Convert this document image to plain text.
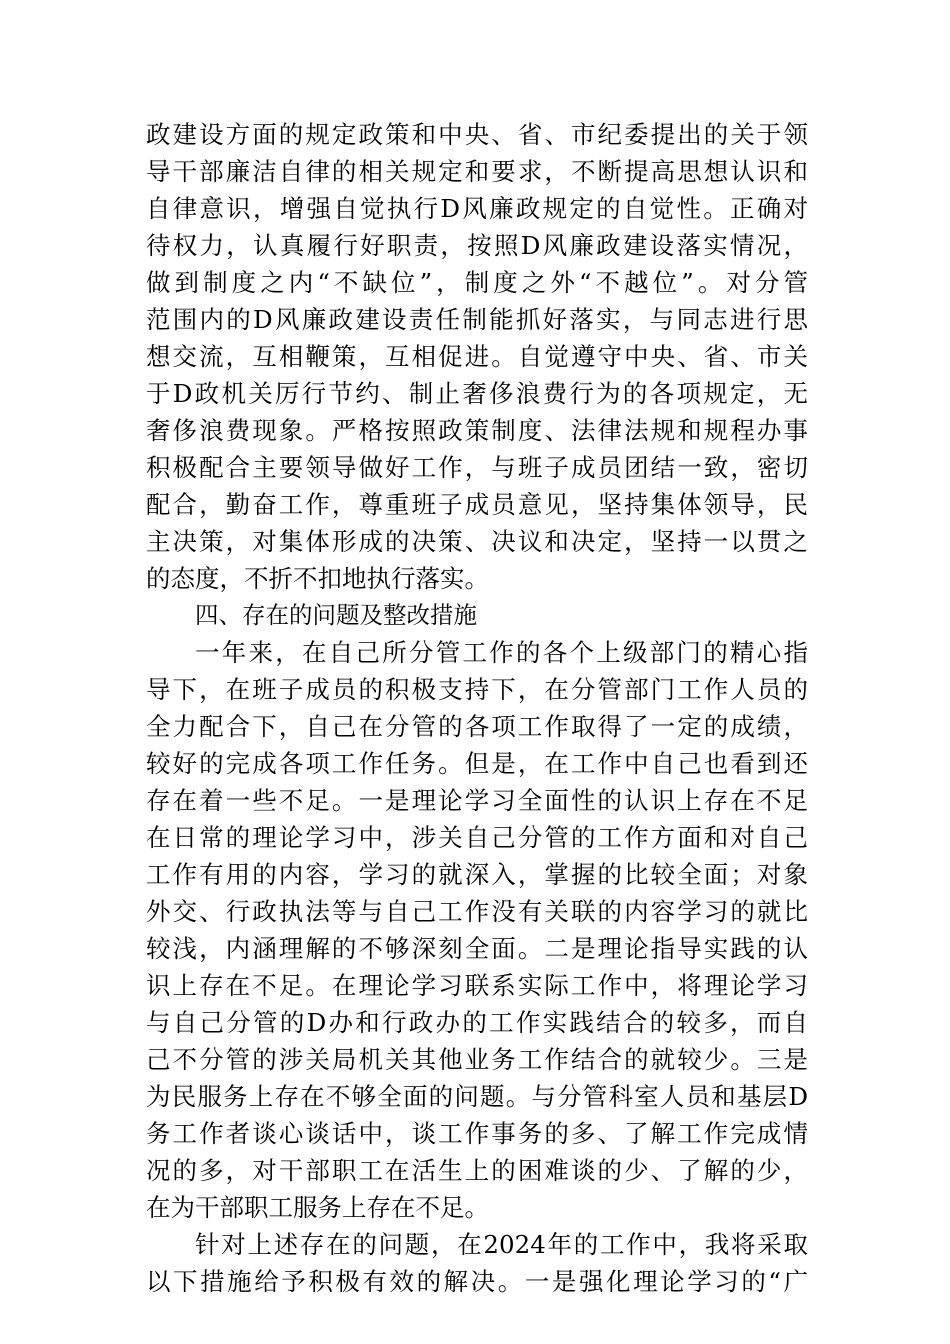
政建设方面的规定政策和中央、省、市纪委提出的关于领
导干部廉洁自律的相关规定和要求，不断提高思想认识和
自律意识，增强自觉执行D风廉政规定的自觉性。正确对
待权力，认真履行好职责，按照D风廉政建设落实情况，
做到制度之内“不缺位”，制度之外“不越位”。对分管
范围内的D风廉政建设责任制能抓好落实，与同志进行思
想交流，互相鞭策，互相促进。自觉遵守中央、省、市关
于D政机关厉行节约、制止奢侈浪费行为的各项规定，无
奢侈浪费现象。严格按照政策制度、法律法规和规程办事
积极配合主要领导做好工作，与班子成员团结一致，密切
配合，勤奋工作，尊重班子成员意见，坚持集体领导，民
主决策，对集体形成的决策、决议和决定，坚持一以贯之
的态度，不折不扣地执行落实。
四、存在的问题及整改措施
一年来，在自己所分管工作的各个上级部门的精心指
导下，在班子成员的积极支持下，在分管部门工作人员的
全力配合下，自己在分管的各项工作取得了一定的成绩，
较好的完成各项工作任务。但是，在工作中自己也看到还
存在着一些不足。一是理论学习全面性的认识上存在不足
在日常的理论学习中，涉关自己分管的工作方面和对自己
工作有用的内容，学习的就深入，掌握的比较全面；对象
外交、行政执法等与自己工作没有关联的内容学习的就比
较浅，内涵理解的不够深刻全面。二是理论指导实践的认
识上存在不足。在理论学习联系实际工作中，将理论学习
与自己分管的D办和行政办的工作实践结合的较多，而自
己不分管的涉关局机关其他业务工作结合的就较少。三是
为民服务上存在不够全面的问题。与分管科室人员和基层D
务工作者谈心谈话中，谈工作事务的多、了解工作完成情
况的多，对干部职工在活生上的困难谈的少、了解的少，
在为干部职工服务上存在不足。
针对上述存在的问题，在2024年的工作中，我将采取
以下措施给予积极有效的解决。一是强化理论学习的“广
